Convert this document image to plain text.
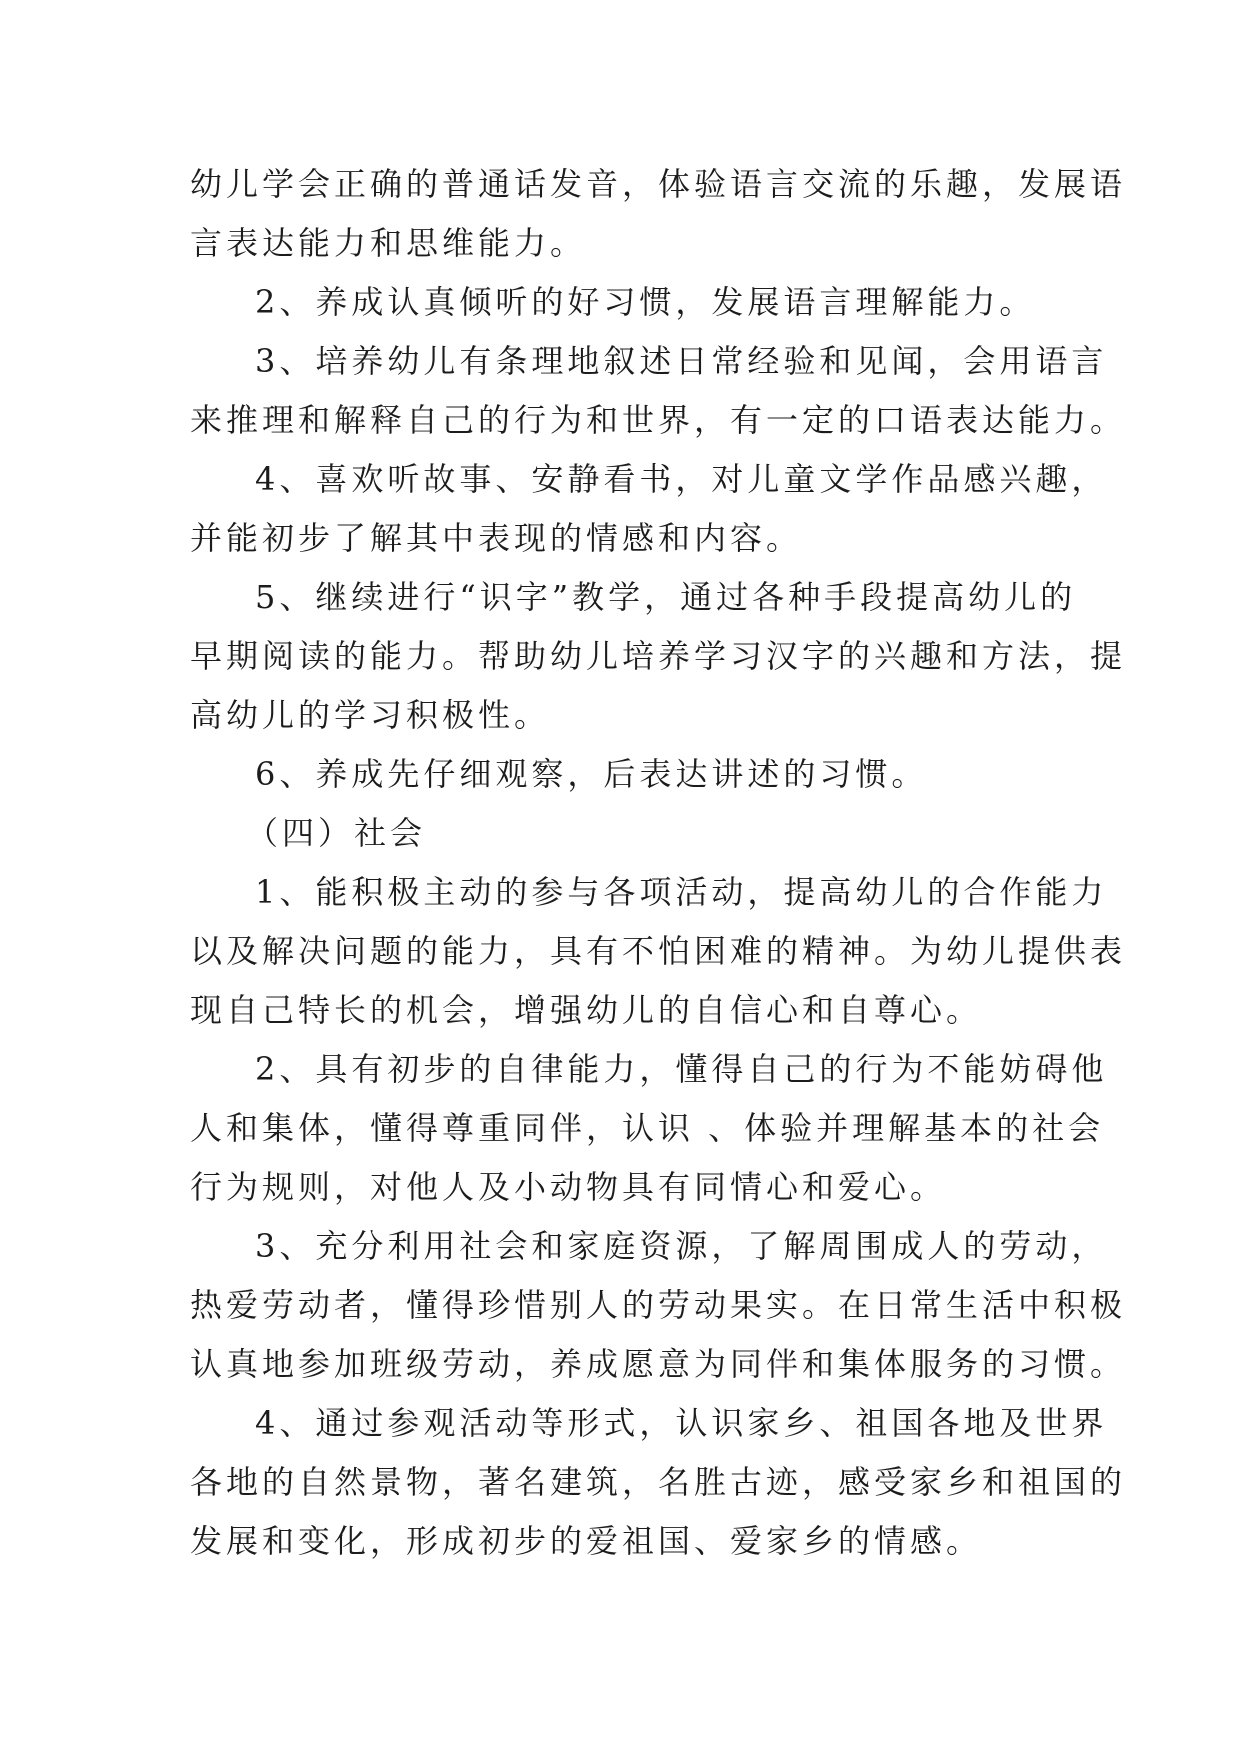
幼儿学会正确的普通话发音，体验语言交流的乐趣，发展语
言表达能力和思维能力。
2、养成认真倾听的好习惯，发展语言理解能力。
3、培养幼儿有条理地叙述日常经验和见闻，会用语言
来推理和解释自己的行为和世界，有一定的口语表达能力。
4、喜欢听故事、安静看书，对儿童文学作品感兴趣，
并能初步了解其中表现的情感和内容。
5、继续进行“识字”教学，通过各种手段提高幼儿的
早期阅读的能力。帮助幼儿培养学习汉字的兴趣和方法，提
高幼儿的学习积极性。
6、养成先仔细观察，后表达讲述的习惯。
（四）社会
1、能积极主动的参与各项活动，提高幼儿的合作能力
以及解决问题的能力，具有不怕困难的精神。为幼儿提供表
现自己特长的机会，增强幼儿的自信心和自尊心。
2、具有初步的自律能力，懂得自己的行为不能妨碍他
人和集体，懂得尊重同伴，认识 、体验并理解基本的社会
行为规则，对他人及小动物具有同情心和爱心。
3、充分利用社会和家庭资源，了解周围成人的劳动，
热爱劳动者，懂得珍惜别人的劳动果实。在日常生活中积极
认真地参加班级劳动，养成愿意为同伴和集体服务的习惯。
4、通过参观活动等形式，认识家乡、祖国各地及世界
各地的自然景物，著名建筑，名胜古迹，感受家乡和祖国的
发展和变化，形成初步的爱祖国、爱家乡的情感。
